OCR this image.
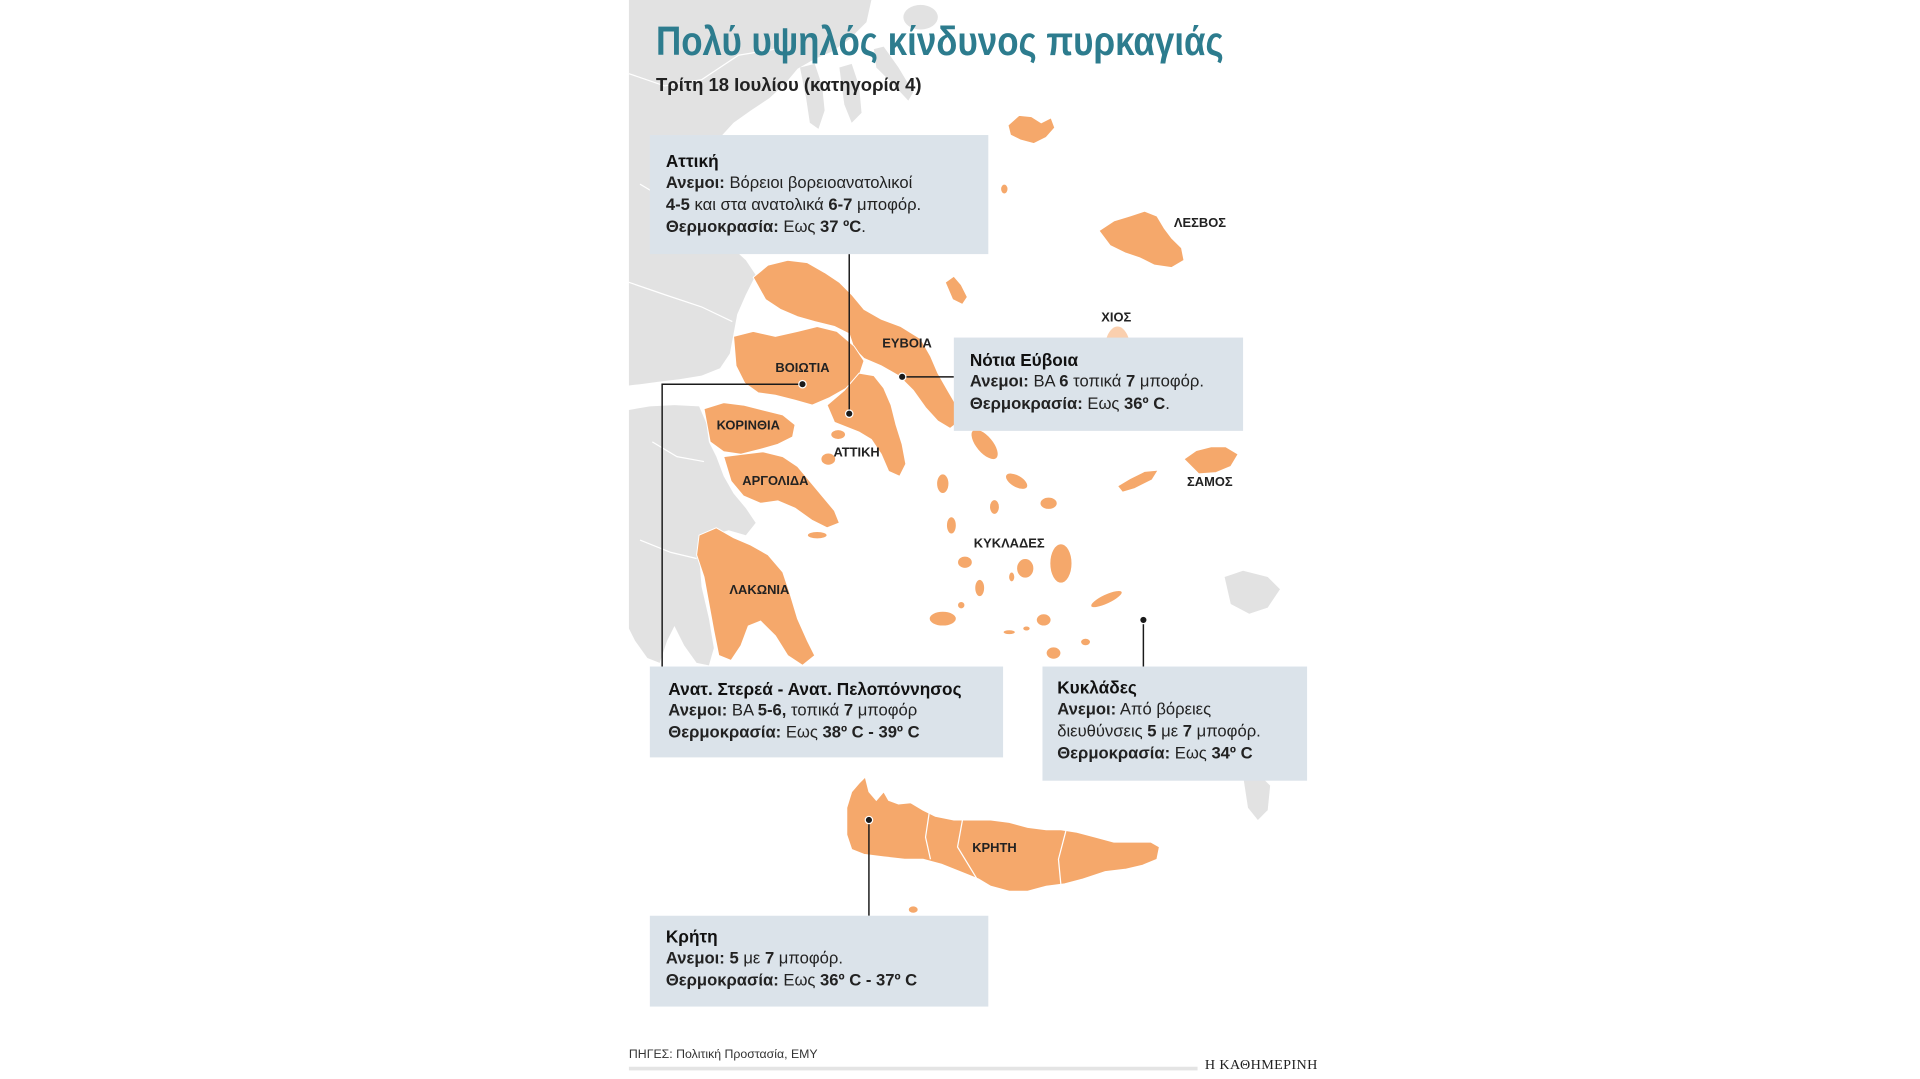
Πολύ υψηλός κίνδυνος πυρκαγιάς
Τρίτη 18 Ιουλίου (κατηγορία 4)
ΛΕΣΒΟΣ
ΧΙΟΣ
ΕΥΒΟΙΑ
ΒΟΙΩΤΙΑ
ΚΟΡΙΝΘΙΑ
ΑΤΤΙΚΗ
ΑΡΓΟΛΙΔΑ	ΣΑΜΟΣ
ΚΥΚΛΑΔΕΣ
ΛΑΚΩΝΙΑ
ΚΡΗΤΗ
Αττική
Ανεμοι: Βόρειοι βορειοανατολικοί
4-5 και στα ανατολικά 6-7 μποφόρ.
Θερμοκρασία: Εως 37 ºC.
Νότια Εύβοια
Ανεμοι: ΒΑ 6 τοπικά 7 μποφόρ.
Θερμοκρασία: Εως 36º C.
Ανατ. Στερεά - Ανατ. Πελοπόννησος
Ανεμοι: ΒΑ 5-6, τοπικά 7 μποφόρ
Θερμοκρασία: Εως 38º C - 39º C
Κυκλάδες
Ανεμοι: Από βόρειες
διευθύνσεις 5 με 7 μποφόρ.
Θερμοκρασία: Εως 34º C
Κρήτη
Ανεμοι: 5 με 7 μποφόρ.
Θερμοκρασία: Εως 36º C - 37º C
ΠΗΓΕΣ: Πολιτική Προστασία, ΕΜΥ
Η ΚΑΘΗΜΕΡΙΝΗ
